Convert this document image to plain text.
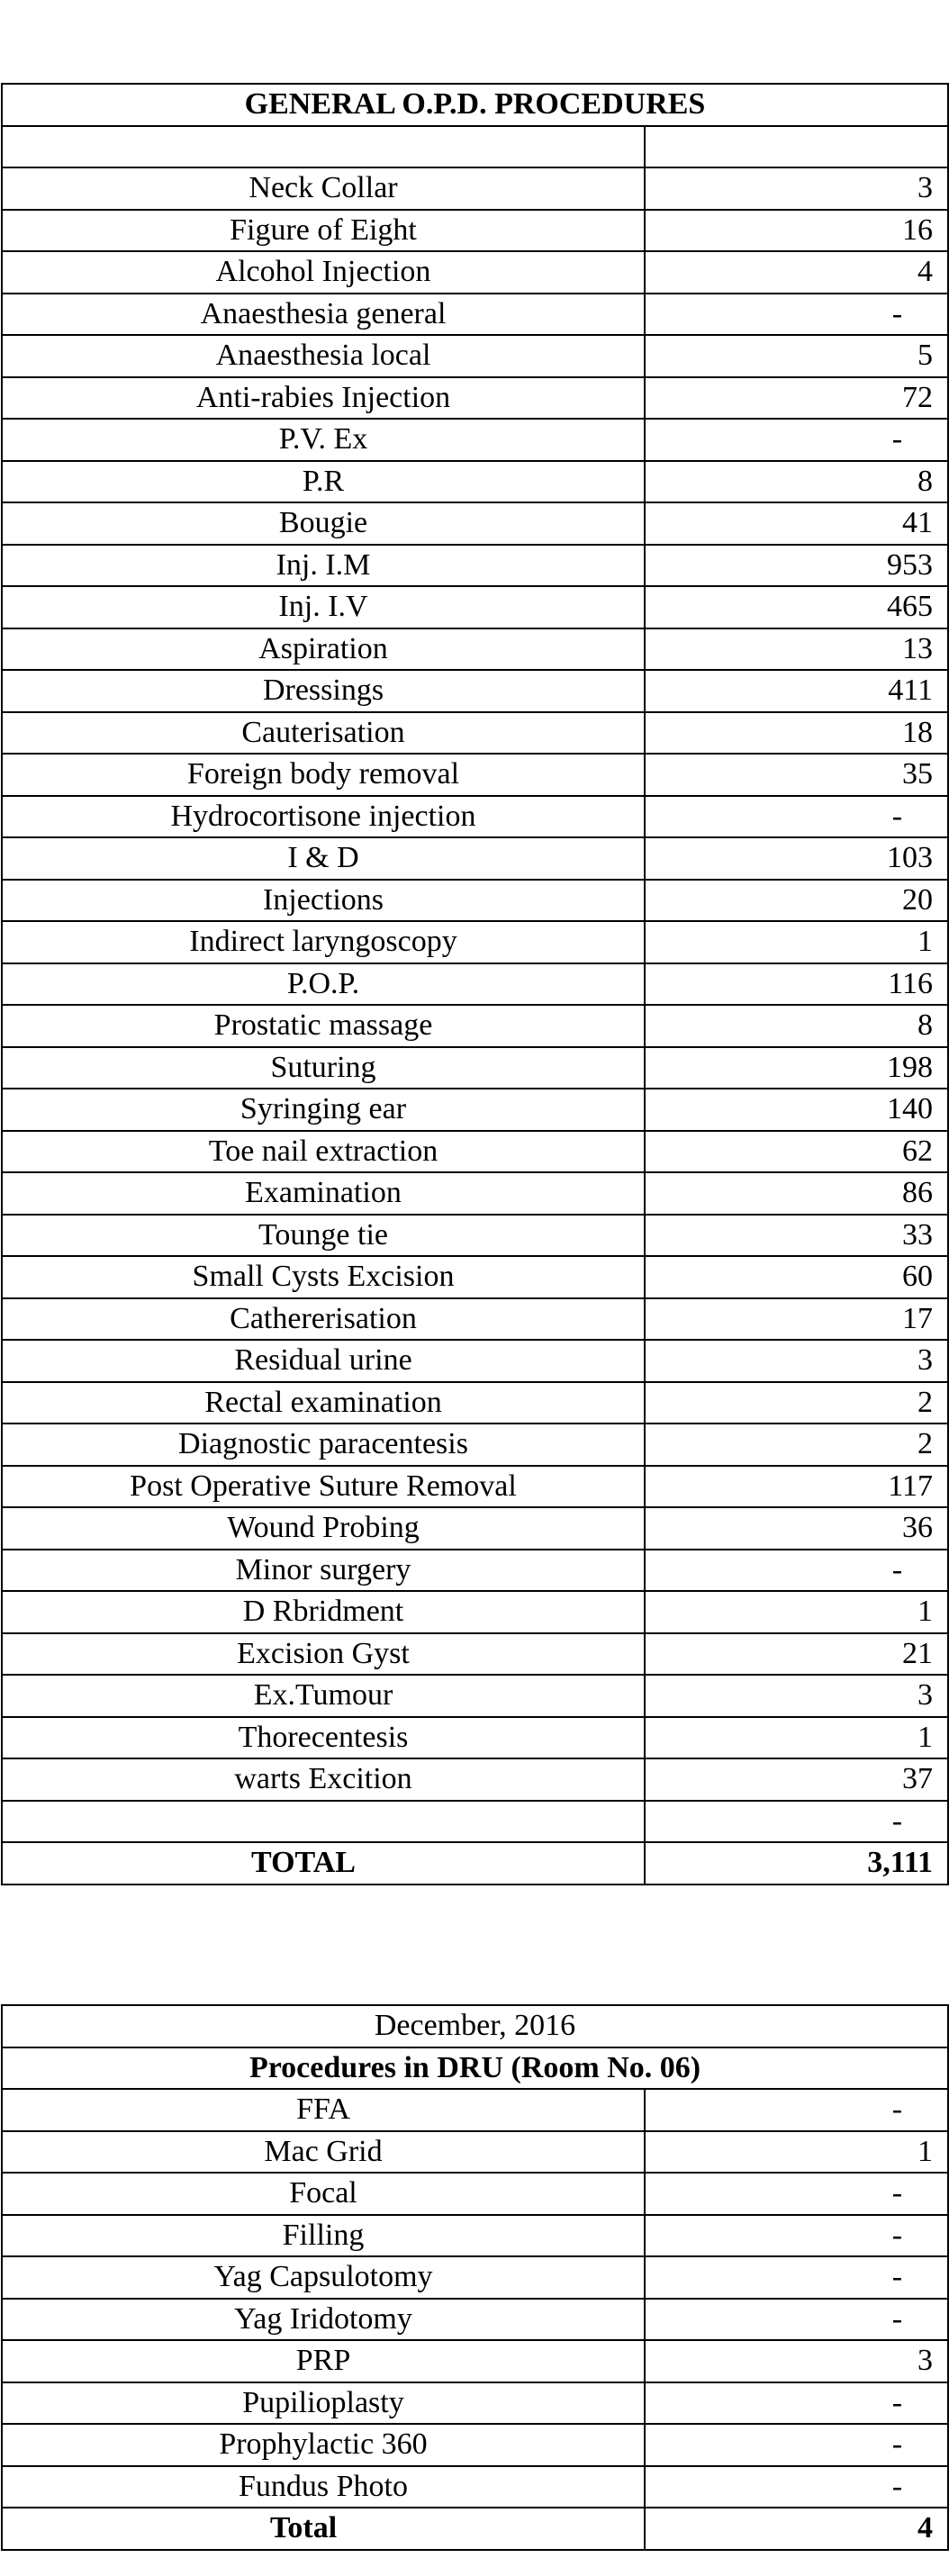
GENERAL O.P.D. PROCEDURES	

Neck Collar	3
Figure of Eight	16
Alcohol Injection	4
Anaesthesia general	-
Anaesthesia local	5
Anti-rabies Injection	72
P.V. Ex	-
P.R	8
Bougie	41
Inj. I.M	953
Inj. I.V	465
Aspiration	13
Dressings	411
Cauterisation	18
Foreign body removal	35
Hydrocortisone injection	-
I & D	103
Injections	20
Indirect laryngoscopy	1
P.O.P.	116
Prostatic massage	8
Suturing	198
Syringing ear	140
Toe nail extraction	62
Examination	86
Tounge tie	33
Small Cysts Excision	60
Cathererisation	17
Residual urine	3
Rectal examination	2
Diagnostic paracentesis	2
Post Operative Suture Removal	117
Wound Probing	36
Minor surgery	-
D Rbridment	1
Excision Gyst	21
Ex.Tumour	3
Thorecentesis	1
warts Excition	37
	-
TOTAL	3,111
December, 2016	
Procedures in DRU (Room No. 06)	
FFA	-
Mac Grid	1
Focal	-
Filling	-
Yag Capsulotomy	-
Yag Iridotomy	-
PRP	3
Pupilioplasty	-
Prophylactic 360	-
Fundus Photo	-
Total	4
